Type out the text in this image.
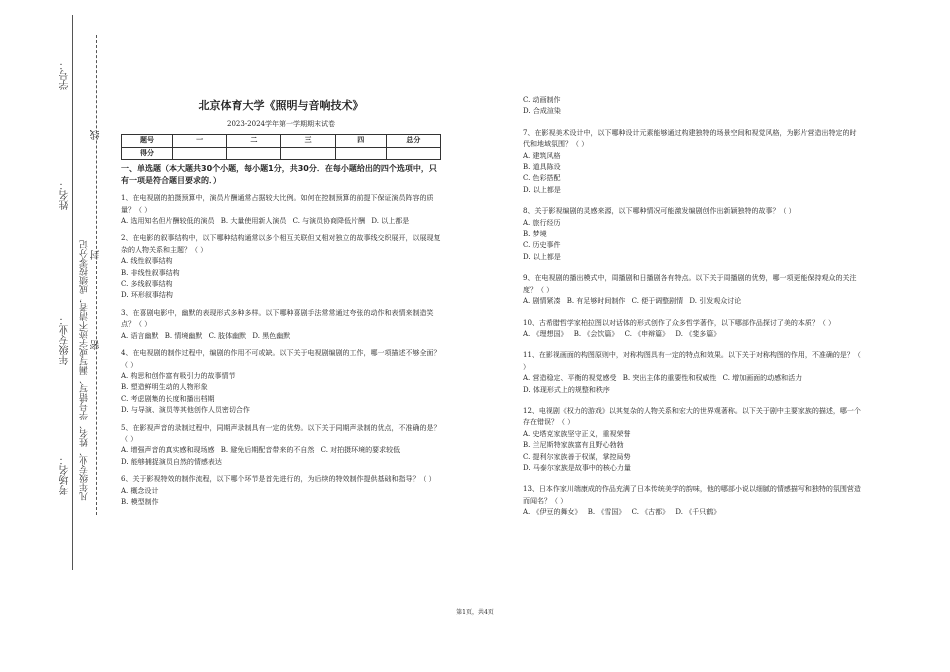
考场名：
年级专业：
姓名：
学号：
凡年级专业、姓名、学号错写、漏写或字迹不清者，成绩按零分记 密
封
线
北京体育大学《照明与音响技术》
2023-2024学年第一学期期末试卷
题号	一	二	三	四	总分
得分					
一、单选题（本大题共30个小题，每小题1分，共30分．在每小题给出的四个选项中，只有一项是符合题目要求的．）
1、在电视剧的拍摄预算中，演员片酬通常占据较大比例。如何在控制预算的前提下保证演员阵容的质量？（ ）
A. 选用知名但片酬较低的演员 B. 大量使用新人演员 C. 与演员协商降低片酬 D. 以上都是
2、在电影的叙事结构中，以下哪种结构通常以多个相互关联但又相对独立的故事线交织展开，以展现复杂的人物关系和主题？（ ）
A. 线性叙事结构
B. 非线性叙事结构
C. 多线叙事结构
D. 环形叙事结构
3、在喜剧电影中，幽默的表现形式多种多样。以下哪种喜剧手法常常通过夸张的动作和表情来制造笑点？（ ）
A. 语言幽默 B. 情境幽默 C. 肢体幽默 D. 黑色幽默
4、在电视剧的制作过程中，编剧的作用不可或缺。以下关于电视剧编剧的工作，哪一项描述不够全面？（ ）
A. 构思和创作富有吸引力的故事情节
B. 塑造鲜明生动的人物形象
C. 考虑剧集的长度和播出档期
D. 与导演、演员等其他创作人员密切合作
5、在影视声音的录制过程中，同期声录制具有一定的优势。以下关于同期声录制的优点，不准确的是？（ ）
A. 增强声音的真实感和现场感 B. 避免后期配音带来的不自然 C. 对拍摄环境的要求较低
D. 能够捕捉演员自然的情感表达
6、关于影视特效的制作流程，以下哪个环节是首先进行的，为后续的特效制作提供基础和指导？（ ）
A. 概念设计
B. 模型制作
C. 动画制作
D. 合成渲染
7、在影视美术设计中，以下哪种设计元素能够通过构建独特的场景空间和视觉风格，为影片营造出特定的时代和地域氛围？（ ）
A. 建筑风格
B. 道具陈设
C. 色彩搭配
D. 以上都是
8、关于影视编剧的灵感来源，以下哪种情况可能激发编剧创作出新颖独特的故事？（ ）
A. 旅行经历
B. 梦境
C. 历史事件
D. 以上都是
9、在电视剧的播出模式中，周播剧和日播剧各有特点。以下关于周播剧的优势，哪一项更能保持观众的关注度？（ ）
A. 剧情紧凑 B. 有足够时间制作 C. 便于调整剧情 D. 引发观众讨论
10、古希腊哲学家柏拉图以对话体的形式创作了众多哲学著作，以下哪部作品探讨了美的本质？（ ）
A. 《理想国》 B. 《会饮篇》 C. 《申辩篇》 D. 《斐多篇》
11、在影视画面的构图原则中，对称构图具有一定的特点和效果。以下关于对称构图的作用，不准确的是？（ ）
A. 营造稳定、平衡的视觉感受 B. 突出主体的重要性和权威性 C. 增加画面的动感和活力
D. 体现形式上的规整和秩序
12、电视剧《权力的游戏》以其复杂的人物关系和宏大的世界观著称。以下关于剧中主要家族的描述，哪一个存在错误？（ ）
A. 史塔克家族坚守正义，重视荣誉
B. 兰尼斯特家族富有且野心勃勃
C. 提利尔家族善于权谋，掌控局势
D. 马泰尔家族是故事中的核心力量
13、日本作家川端康成的作品充满了日本传统美学的韵味，他的哪部小说以细腻的情感描写和独特的氛围营造而闻名？（ ）
A. 《伊豆的舞女》 B. 《雪国》 C. 《古都》 D. 《千只鹤》
第1页，共4页
